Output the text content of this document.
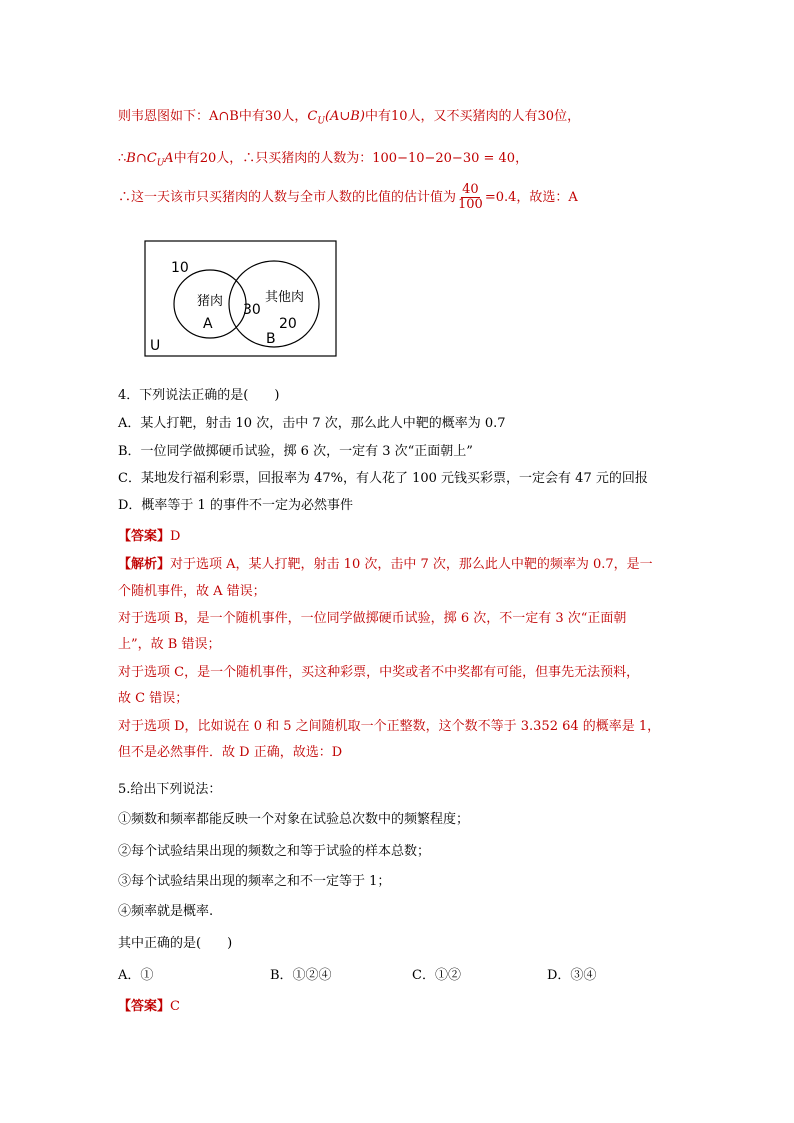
则韦恩图如下：A∩B中有30人，$C_U(A\cup B)$中有10人，又不买猪肉的人有30位，
$\therefore B\cap C_UA$中有20人，∴只买猪肉的人数为：100−10−20−30 = 40，
∴这一天该市只买猪肉的人数与全市人数的比值的估计值为 $\frac{40}{100} =0.4$，故选：A
10
猪肉
A
30
其他肉
20
B
U
4．下列说法正确的是(　　)
A．某人打靶，射击 10 次，击中 7 次，那么此人中靶的概率为 0.7
B．一位同学做掷硬币试验，掷 6 次，一定有 3 次“正面朝上”
C．某地发行福利彩票，回报率为 47%，有人花了 100 元钱买彩票，一定会有 47 元的回报
D．概率等于 1 的事件不一定为必然事件
【答案】D
【解析】对于选项 A，某人打靶，射击 10 次，击中 7 次，那么此人中靶的频率为 0.7，是一
个随机事件，故 A 错误；
对于选项 B，是一个随机事件，一位同学做掷硬币试验，掷 6 次，不一定有 3 次“正面朝
上”，故 B 错误；
对于选项 C，是一个随机事件，买这种彩票，中奖或者不中奖都有可能，但事先无法预料，
故 C 错误；
对于选项 D，比如说在 0 和 5 之间随机取一个正整数，这个数不等于 3.352 64 的概率是 1，
但不是必然事件．故 D 正确，故选：D
5.给出下列说法：
①频数和频率都能反映一个对象在试验总次数中的频繁程度；
②每个试验结果出现的频数之和等于试验的样本总数；
③每个试验结果出现的频率之和不一定等于 1；
④频率就是概率.
其中正确的是(　　)
A．①	B．①②④	C．①②	D．③④
【答案】C
